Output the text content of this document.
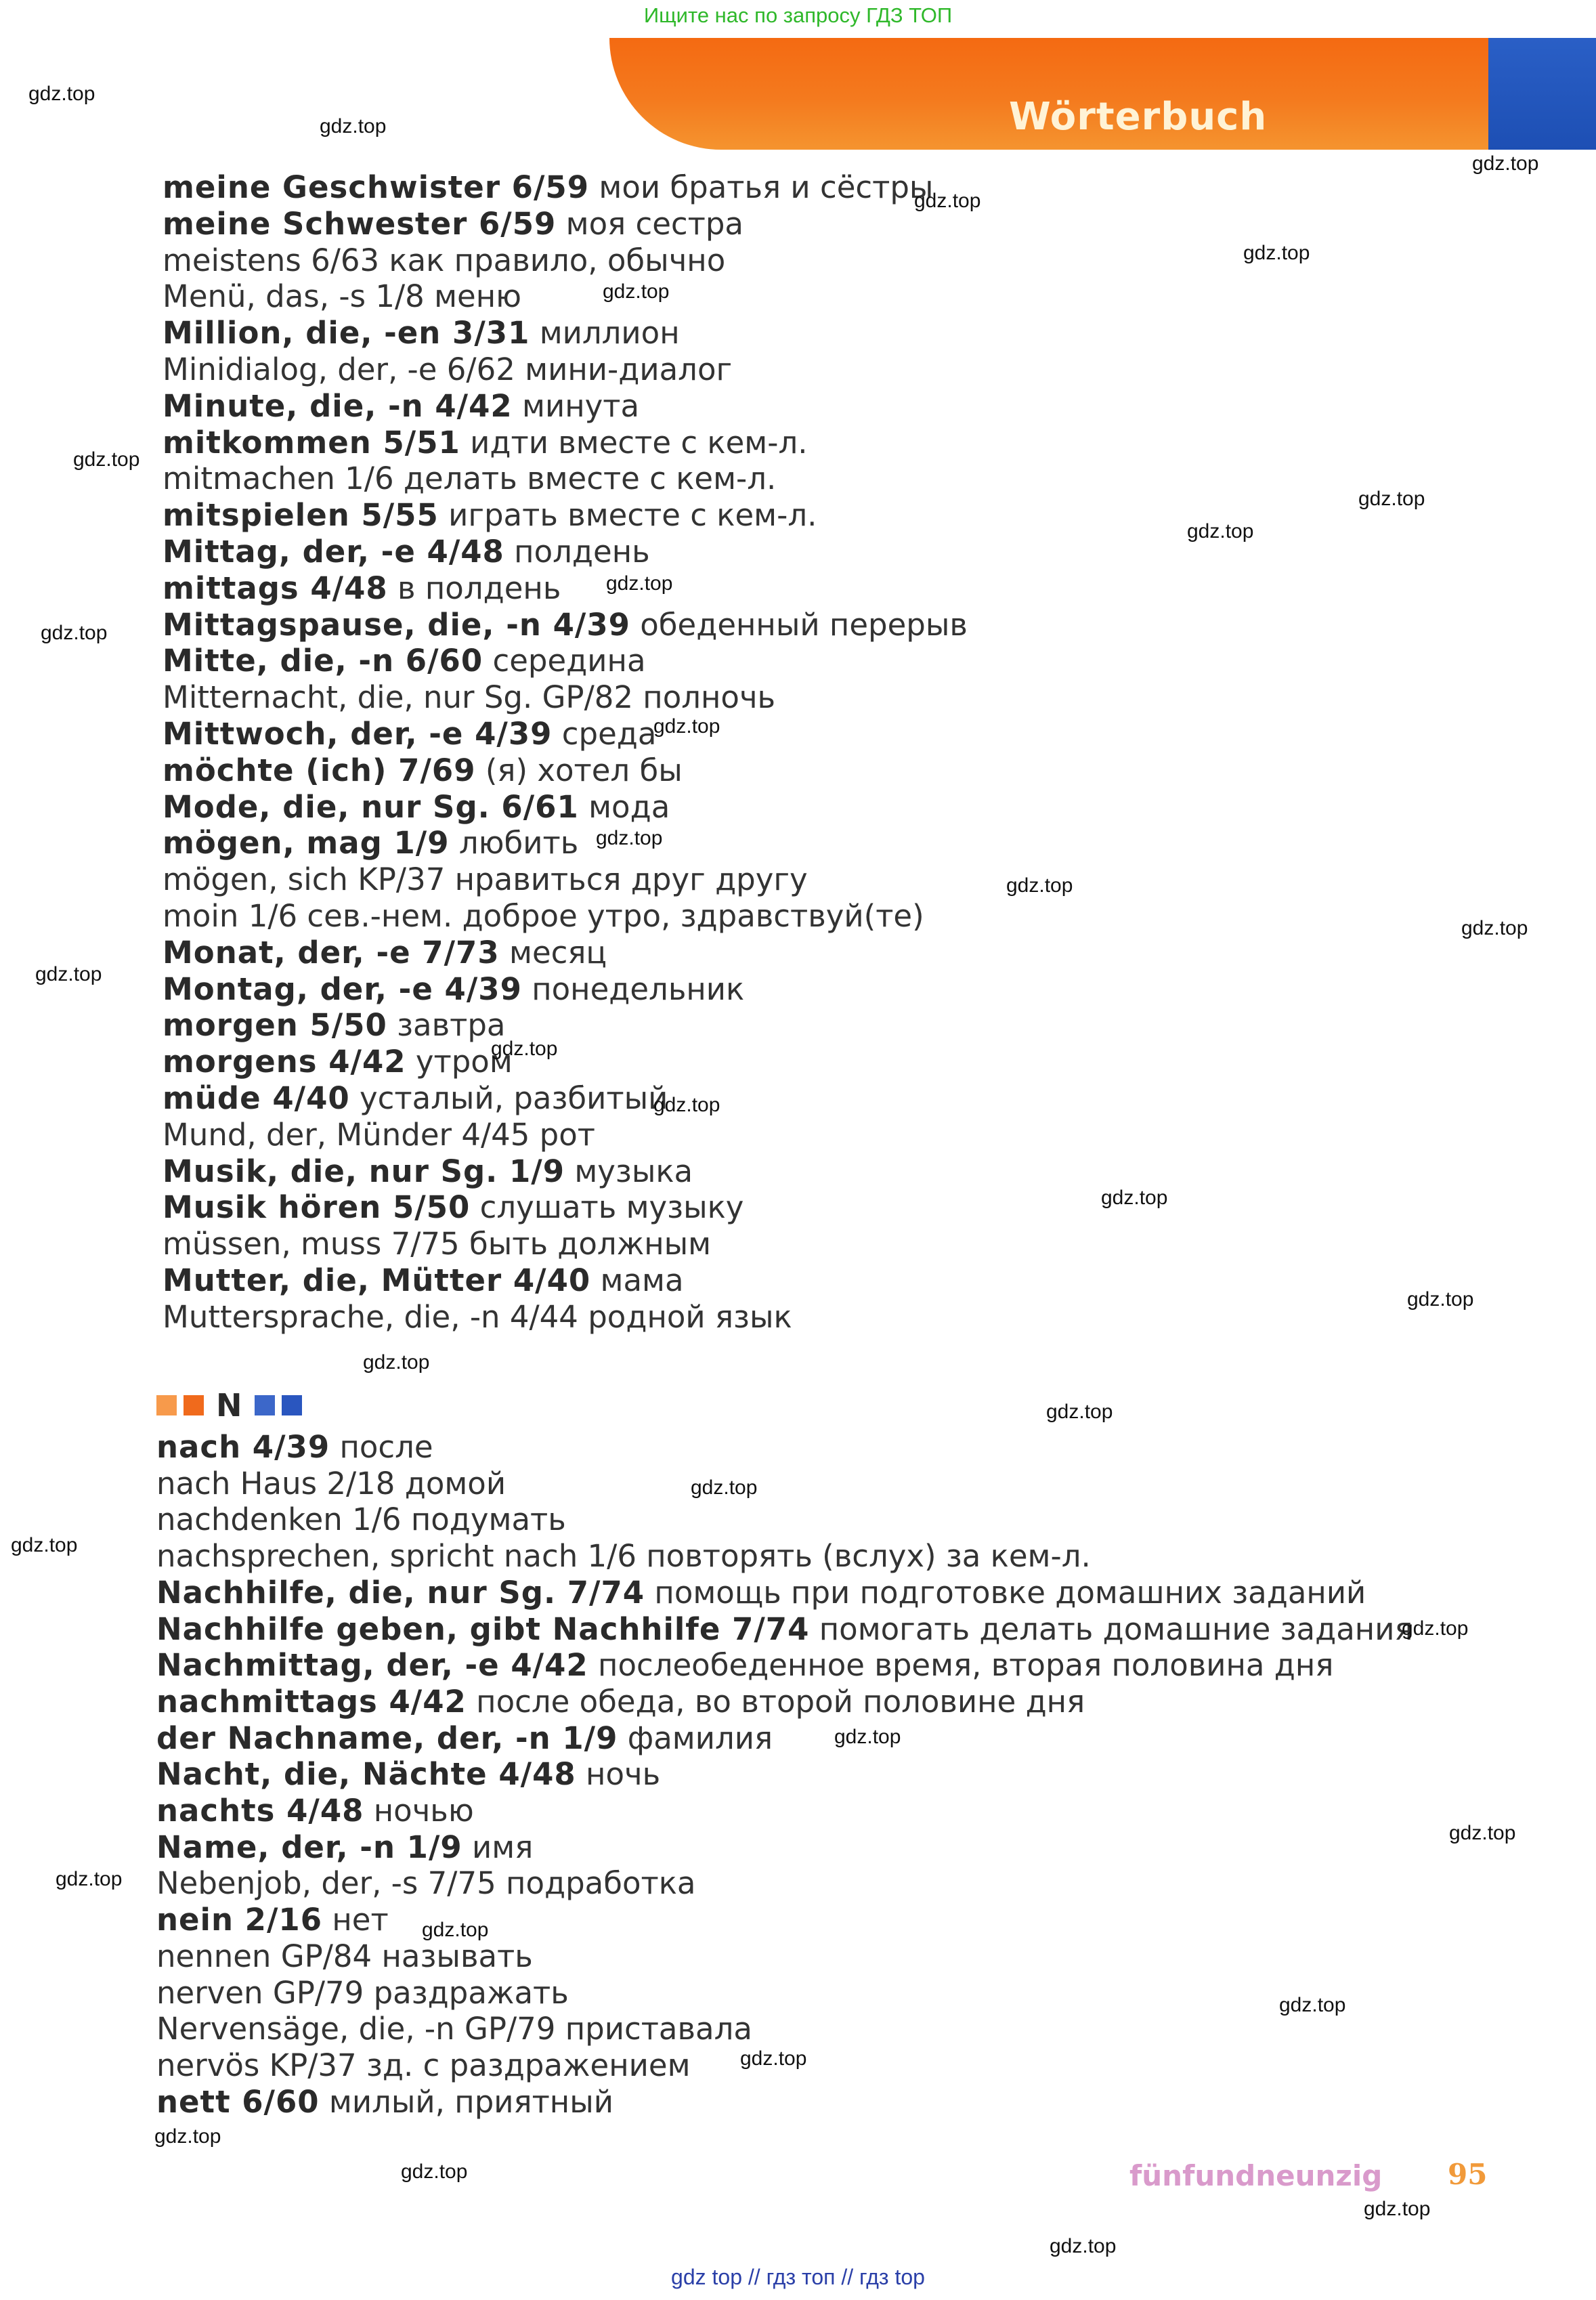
Ищите нас по запросу ГДЗ ТОП
Wörterbuch
meine Geschwister 6/59 мои братья и сёстры
meine Schwester 6/59 моя сестра
meistens 6/63 как правило, обычно
Menü, das, -s 1/8 меню
Million, die, -en 3/31 миллион
Minidialog, der, -e 6/62 мини-диалог
Minute, die, -n 4/42 минута
mitkommen 5/51 идти вместе с кем-л.
mitmachen 1/6 делать вместе с кем-л.
mitspielen 5/55 играть вместе с кем-л.
Mittag, der, -e 4/48 полдень
mittags 4/48 в полдень
Mittagspause, die, -n 4/39 обеденный перерыв
Mitte, die, -n 6/60 середина
Mitternacht, die, nur Sg. GP/82 полночь
Mittwoch, der, -e 4/39 среда
möchte (ich) 7/69 (я) хотел бы
Mode, die, nur Sg. 6/61 мода
mögen, mag 1/9 любить
mögen, sich KP/37 нравиться друг другу
moin 1/6 сев.-нем. доброе утро, здравствуй(те)
Monat, der, -e 7/73 месяц
Montag, der, -e 4/39 понедельник
morgen 5/50 завтра
morgens 4/42 утром
müde 4/40 усталый, разбитый
Mund, der, Münder 4/45 рот
Musik, die, nur Sg. 1/9 музыка
Musik hören 5/50 слушать музыку
müssen, muss 7/75 быть должным
Mutter, die, Mütter 4/40 мама
Muttersprache, die, -n 4/44 родной язык
nach 4/39 после
nach Haus 2/18 домой
nachdenken 1/6 подумать
nachsprechen, spricht nach 1/6 повторять (вслух) за кем-л.
Nachhilfe, die, nur Sg. 7/74 помощь при подготовке домашних заданий
Nachhilfe geben, gibt Nachhilfe 7/74 помогать делать домашние задания
Nachmittag, der, -e 4/42 послеобеденное время, вторая половина дня
nachmittags 4/42 после обеда, во второй половине дня
der Nachname, der, -n 1/9 фамилия
Nacht, die, Nächte 4/48 ночь
nachts 4/48 ночью
Name, der, -n 1/9 имя
Nebenjob, der, -s 7/75 подработка
nein 2/16 нет
nennen GP/84 называть
nerven GP/79 раздражать
Nervensäge, die, -n GP/79 приставала
nervös KP/37 зд. с раздражением
nett 6/60 милый, приятный
N
gdz.top
gdz.top
gdz.top
gdz.top
gdz.top
gdz.top
gdz.top
gdz.top
gdz.top
gdz.top
gdz.top
gdz.top
gdz.top
gdz.top
gdz.top
gdz.top
gdz.top
gdz.top
gdz.top
gdz.top
gdz.top
gdz.top
gdz.top
gdz.top
gdz.top
gdz.top
gdz.top
gdz.top
gdz.top
gdz.top
gdz.top
gdz.top
gdz.top
gdz.top
gdz.top
fünfundneunzig 95
gdz top // гдз топ // гдз top
